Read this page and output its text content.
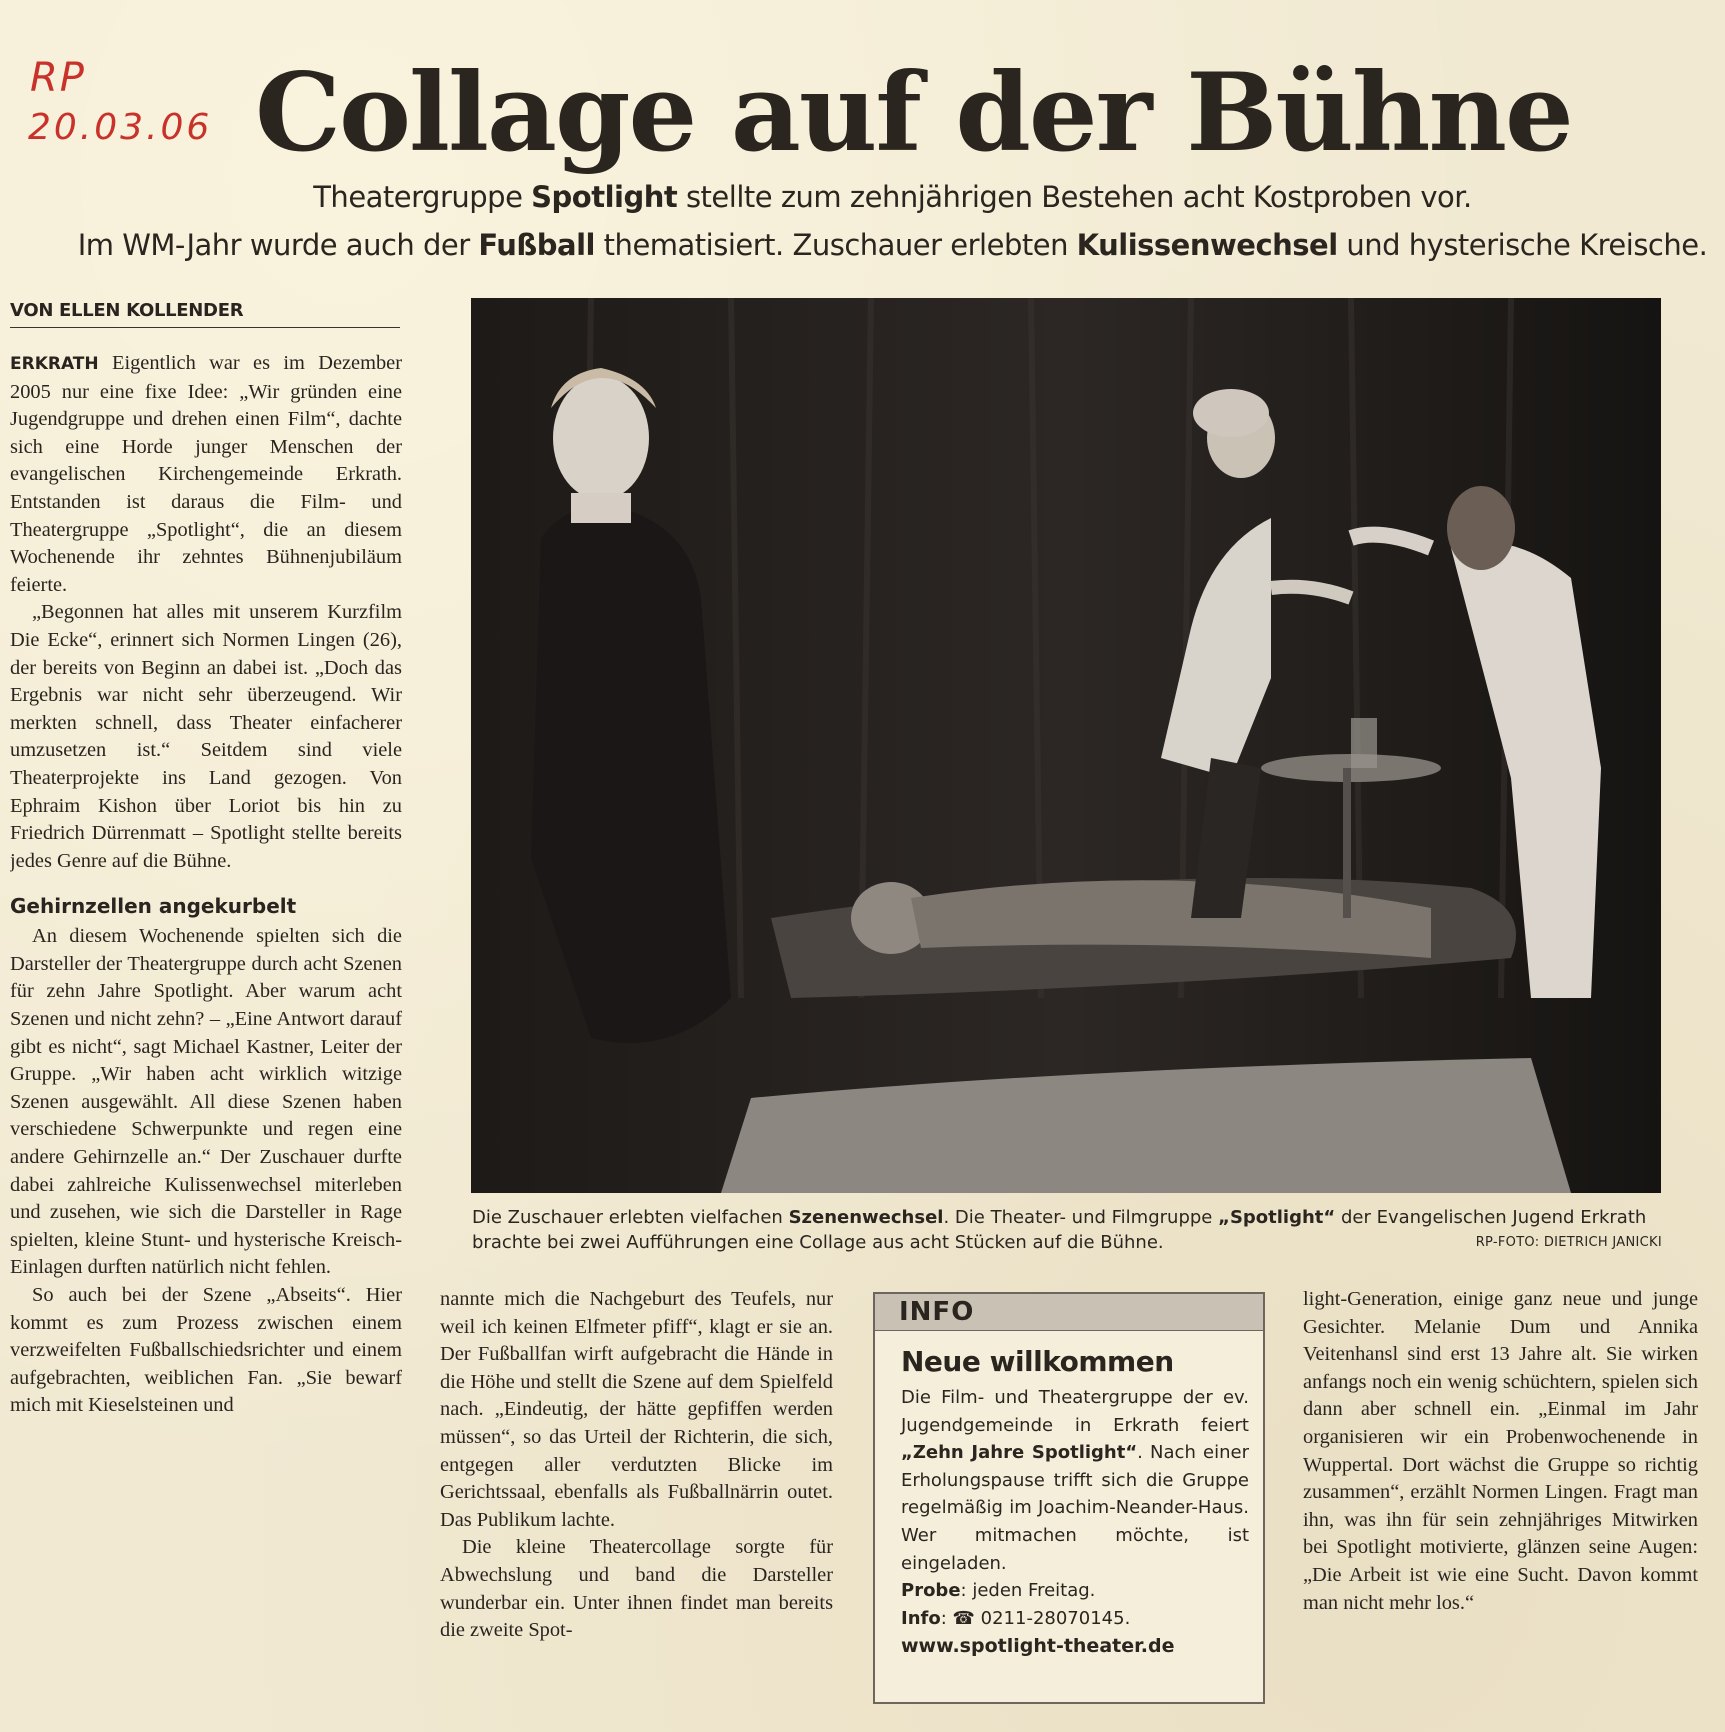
RP
20.03.06 Collage auf der Bühne
Theatergruppe Spotlight stellte zum zehnjährigen Bestehen acht Kostproben vor.
Im WM-Jahr wurde auch der Fußball thematisiert. Zuschauer erlebten Kulissenwechsel und hysterische Kreische.
VON ELLEN KOLLENDER

ERKRATH Eigentlich war es im Dezember 2005 nur eine fixe Idee: „Wir gründen eine Jugendgruppe und drehen einen Film“, dachte sich eine Horde junger Menschen der evangelischen Kirchengemeinde Erkrath. Entstanden ist daraus die Film- und Theatergruppe „Spotlight“, die an diesem Wochenende ihr zehntes Bühnenjubiläum feierte.

„Begonnen hat alles mit unserem Kurzfilm Die Ecke“, erinnert sich Normen Lingen (26), der bereits von Beginn an dabei ist. „Doch das Ergebnis war nicht sehr überzeugend. Wir merkten schnell, dass Theater einfacherer umzusetzen ist.“ Seitdem sind viele Theaterprojekte ins Land gezogen. Von Ephraim Kishon über Loriot bis hin zu Friedrich Dürrenmatt – Spotlight stellte bereits jedes Genre auf die Bühne.

Gehirnzellen angekurbelt

An diesem Wochenende spielten sich die Darsteller der Theatergruppe durch acht Szenen für zehn Jahre Spotlight. Aber warum acht Szenen und nicht zehn? – „Eine Antwort darauf gibt es nicht“, sagt Michael Kastner, Leiter der Gruppe. „Wir haben acht wirklich witzige Szenen ausgewählt. All diese Szenen haben verschiedene Schwerpunkte und regen eine andere Gehirnzelle an.“ Der Zuschauer durfte dabei zahlreiche Kulissenwechsel miterleben und zusehen, wie sich die Darsteller in Rage spielten, kleine Stunt- und hysterische Kreisch-Einlagen durften natürlich nicht fehlen.

So auch bei der Szene „Abseits“. Hier kommt es zum Prozess zwischen einem verzweifelten Fußballschiedsrichter und einem aufgebrachten, weiblichen Fan. „Sie bewarf mich mit Kieselsteinen und

Die Zuschauer erlebten vielfachen Szenenwechsel. Die Theater- und Filmgruppe „Spotlight“ der Evangelischen Jugend Erkrath brachte bei zwei Aufführungen eine Collage aus acht Stücken auf die Bühne.	RP-FOTO: DIETRICH JANICKI

nannte mich die Nachgeburt des Teufels, nur weil ich keinen Elfmeter pfiff“, klagt er sie an. Der Fußballfan wirft aufgebracht die Hände in die Höhe und stellt die Szene auf dem Spielfeld nach. „Eindeutig, der hätte gepfiffen werden müssen“, so das Urteil der Richterin, die sich, entgegen aller verdutzten Blicke im Gerichtssaal, ebenfalls als Fußballnärrin outet. Das Publikum lachte.

Die kleine Theatercollage sorgte für Abwechslung und band die Darsteller wunderbar ein. Unter ihnen findet man bereits die zweite Spot-

INFO
Neue willkommen
Die Film- und Theatergruppe der ev. Jugendgemeinde in Erkrath feiert „Zehn Jahre Spotlight“. Nach einer Erholungspause trifft sich die Gruppe regelmäßig im Joachim-Neander-Haus. Wer mitmachen möchte, ist eingeladen.
Probe: jeden Freitag.
Info: ☎ 0211-28070145.
www.spotlight-theater.de

light-Generation, einige ganz neue und junge Gesichter. Melanie Dum und Annika Veitenhansl sind erst 13 Jahre alt. Sie wirken anfangs noch ein wenig schüchtern, spielen sich dann aber schnell ein. „Einmal im Jahr organisieren wir ein Probenwochenende in Wuppertal. Dort wächst die Gruppe so richtig zusammen“, erzählt Normen Lingen. Fragt man ihn, was ihn für sein zehnjähriges Mitwirken bei Spotlight motivierte, glänzen seine Augen: „Die Arbeit ist wie eine Sucht. Davon kommt man nicht mehr los.“
